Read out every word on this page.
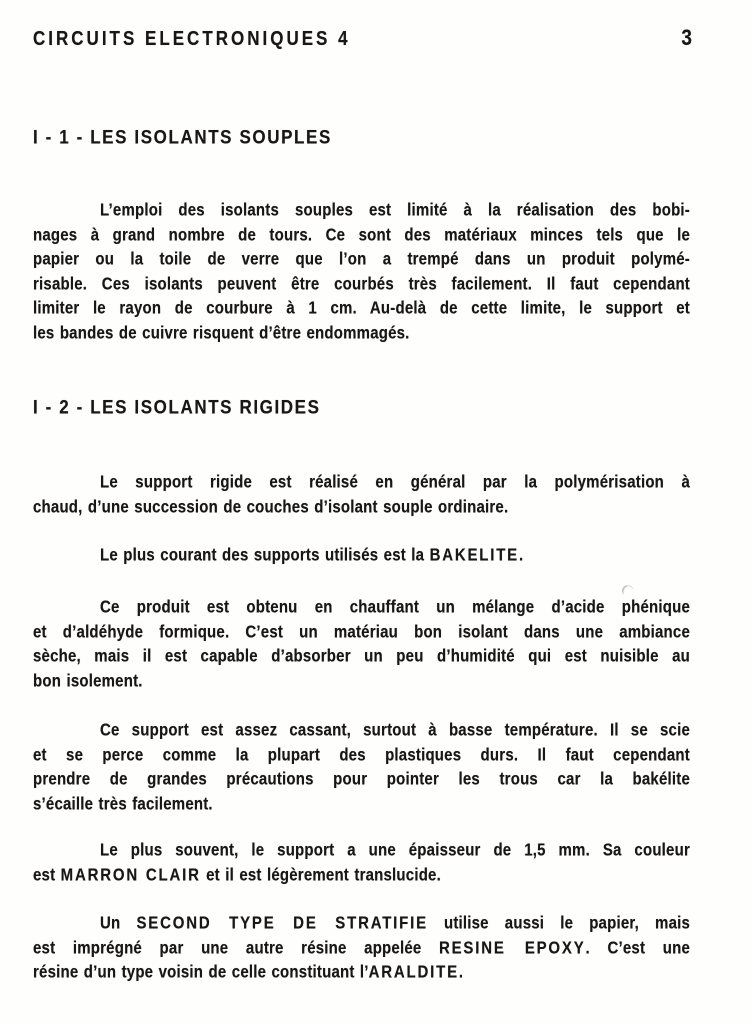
CIRCUITS ELECTRONIQUES 4	3
I - 1 - LES ISOLANTS SOUPLES
L’emploi des isolants souples est limité à la réalisation des bobi-
nages à grand nombre de tours. Ce sont des matériaux minces tels que le
papier ou la toile de verre que l’on a trempé dans un produit polymé-
risable. Ces isolants peuvent être courbés très facilement. Il faut cependant
limiter le rayon de courbure à 1 cm. Au-delà de cette limite, le support et
les bandes de cuivre risquent d’être endommagés.
I - 2 - LES ISOLANTS RIGIDES
Le support rigide est réalisé en général par la polymérisation à
chaud, d’une succession de couches d’isolant souple ordinaire.
Le plus courant des supports utilisés est la BAKELITE.
Ce produit est obtenu en chauffant un mélange d’acide phénique
et d’aldéhyde formique. C’est un matériau bon isolant dans une ambiance
sèche, mais il est capable d’absorber un peu d’humidité qui est nuisible au
bon isolement.
Ce support est assez cassant, surtout à basse température. Il se scie
et se perce comme la plupart des plastiques durs. Il faut cependant
prendre de grandes précautions pour pointer les trous car la bakélite
s’écaille très facilement.
Le plus souvent, le support a une épaisseur de 1,5 mm. Sa couleur
est MARRON CLAIR et il est légèrement translucide.
Un SECOND TYPE DE STRATIFIE utilise aussi le papier, mais
est imprégné par une autre résine appelée RESINE EPOXY. C’est une
résine d’un type voisin de celle constituant l’ARALDITE.
